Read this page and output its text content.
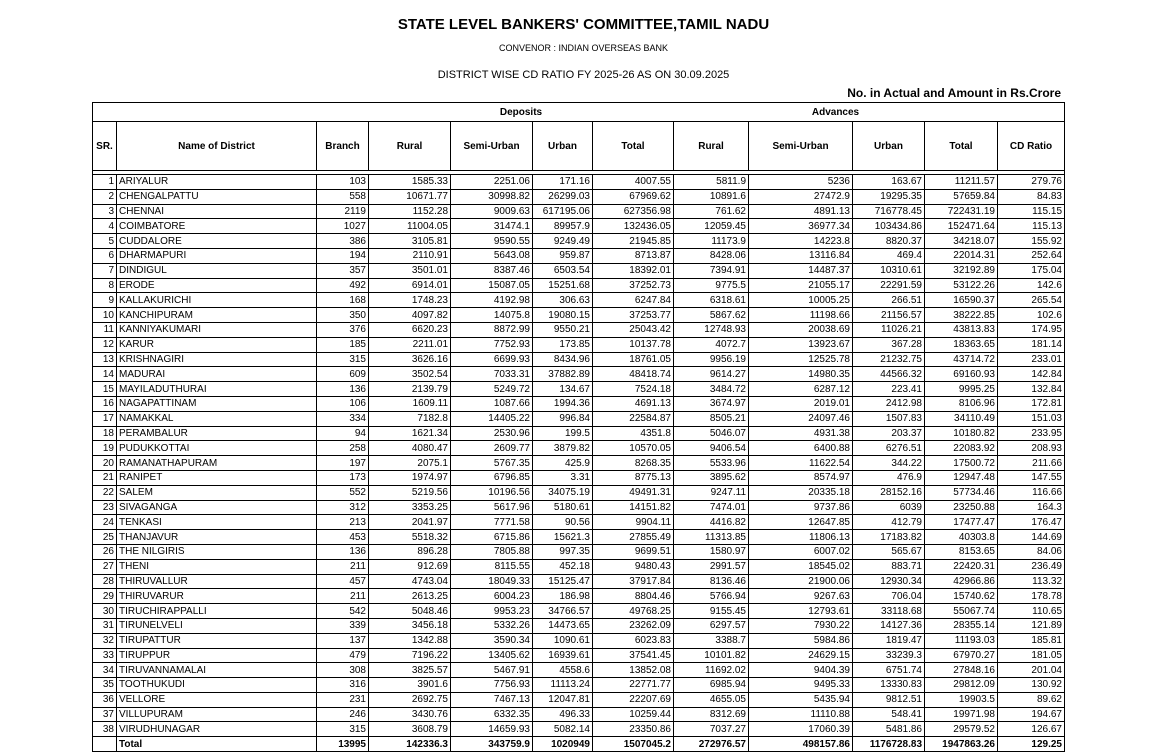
STATE LEVEL BANKERS' COMMITTEE,TAMIL NADU
CONVENOR : INDIAN OVERSEAS BANK
DISTRICT WISE CD RATIO FY 2025-26 AS ON 30.09.2025
No. in Actual and Amount in Rs.Crore
			Deposits				Advances				
SR.	Name of District	Branch	Rural	Semi-Urban	Urban	Total	Rural	Semi-Urban	Urban	Total	CD Ratio

1	ARIYALUR	103	1585.33	2251.06	171.16	4007.55	5811.9	5236	163.67	11211.57	279.76
2	CHENGALPATTU	558	10671.77	30998.82	26299.03	67969.62	10891.6	27472.9	19295.35	57659.84	84.83
3	CHENNAI	2119	1152.28	9009.63	617195.06	627356.98	761.62	4891.13	716778.45	722431.19	115.15
4	COIMBATORE	1027	11004.05	31474.1	89957.9	132436.05	12059.45	36977.34	103434.86	152471.64	115.13
5	CUDDALORE	386	3105.81	9590.55	9249.49	21945.85	11173.9	14223.8	8820.37	34218.07	155.92
6	DHARMAPURI	194	2110.91	5643.08	959.87	8713.87	8428.06	13116.84	469.4	22014.31	252.64
7	DINDIGUL	357	3501.01	8387.46	6503.54	18392.01	7394.91	14487.37	10310.61	32192.89	175.04
8	ERODE	492	6914.01	15087.05	15251.68	37252.73	9775.5	21055.17	22291.59	53122.26	142.6
9	KALLAKURICHI	168	1748.23	4192.98	306.63	6247.84	6318.61	10005.25	266.51	16590.37	265.54
10	KANCHIPURAM	350	4097.82	14075.8	19080.15	37253.77	5867.62	11198.66	21156.57	38222.85	102.6
11	KANNIYAKUMARI	376	6620.23	8872.99	9550.21	25043.42	12748.93	20038.69	11026.21	43813.83	174.95
12	KARUR	185	2211.01	7752.93	173.85	10137.78	4072.7	13923.67	367.28	18363.65	181.14
13	KRISHNAGIRI	315	3626.16	6699.93	8434.96	18761.05	9956.19	12525.78	21232.75	43714.72	233.01
14	MADURAI	609	3502.54	7033.31	37882.89	48418.74	9614.27	14980.35	44566.32	69160.93	142.84
15	MAYILADUTHURAI	136	2139.79	5249.72	134.67	7524.18	3484.72	6287.12	223.41	9995.25	132.84
16	NAGAPATTINAM	106	1609.11	1087.66	1994.36	4691.13	3674.97	2019.01	2412.98	8106.96	172.81
17	NAMAKKAL	334	7182.8	14405.22	996.84	22584.87	8505.21	24097.46	1507.83	34110.49	151.03
18	PERAMBALUR	94	1621.34	2530.96	199.5	4351.8	5046.07	4931.38	203.37	10180.82	233.95
19	PUDUKKOTTAI	258	4080.47	2609.77	3879.82	10570.05	9406.54	6400.88	6276.51	22083.92	208.93
20	RAMANATHAPURAM	197	2075.1	5767.35	425.9	8268.35	5533.96	11622.54	344.22	17500.72	211.66
21	RANIPET	173	1974.97	6796.85	3.31	8775.13	3895.62	8574.97	476.9	12947.48	147.55
22	SALEM	552	5219.56	10196.56	34075.19	49491.31	9247.11	20335.18	28152.16	57734.46	116.66
23	SIVAGANGA	312	3353.25	5617.96	5180.61	14151.82	7474.01	9737.86	6039	23250.88	164.3
24	TENKASI	213	2041.97	7771.58	90.56	9904.11	4416.82	12647.85	412.79	17477.47	176.47
25	THANJAVUR	453	5518.32	6715.86	15621.3	27855.49	11313.85	11806.13	17183.82	40303.8	144.69
26	THE NILGIRIS	136	896.28	7805.88	997.35	9699.51	1580.97	6007.02	565.67	8153.65	84.06
27	THENI	211	912.69	8115.55	452.18	9480.43	2991.57	18545.02	883.71	22420.31	236.49
28	THIRUVALLUR	457	4743.04	18049.33	15125.47	37917.84	8136.46	21900.06	12930.34	42966.86	113.32
29	THIRUVARUR	211	2613.25	6004.23	186.98	8804.46	5766.94	9267.63	706.04	15740.62	178.78
30	TIRUCHIRAPPALLI	542	5048.46	9953.23	34766.57	49768.25	9155.45	12793.61	33118.68	55067.74	110.65
31	TIRUNELVELI	339	3456.18	5332.26	14473.65	23262.09	6297.57	7930.22	14127.36	28355.14	121.89
32	TIRUPATTUR	137	1342.88	3590.34	1090.61	6023.83	3388.7	5984.86	1819.47	11193.03	185.81
33	TIRUPPUR	479	7196.22	13405.62	16939.61	37541.45	10101.82	24629.15	33239.3	67970.27	181.05
34	TIRUVANNAMALAI	308	3825.57	5467.91	4558.6	13852.08	11692.02	9404.39	6751.74	27848.16	201.04
35	TOOTHUKUDI	316	3901.6	7756.93	11113.24	22771.77	6985.94	9495.33	13330.83	29812.09	130.92
36	VELLORE	231	2692.75	7467.13	12047.81	22207.69	4655.05	5435.94	9812.51	19903.5	89.62
37	VILLUPURAM	246	3430.76	6332.35	496.33	10259.44	8312.69	11110.88	548.41	19971.98	194.67
38	VIRUDHUNAGAR	315	3608.79	14659.93	5082.14	23350.86	7037.27	17060.39	5481.86	29579.52	126.67
	Total	13995	142336.3	343759.9	1020949	1507045.2	272976.57	498157.86	1176728.83	1947863.26	129.25
